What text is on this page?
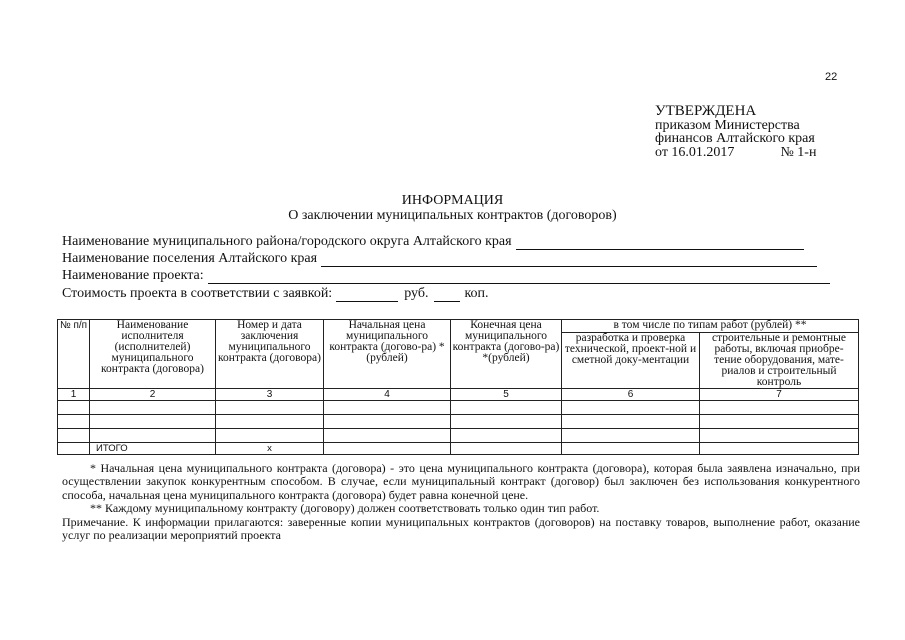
22
УТВЕРЖДЕНА
приказом Министерства
финансов Алтайского края
от 16.01.2017	№ 1-н
ИНФОРМАЦИЯ
О заключении муниципальных контрактов (договоров)
Наименование муниципального района/городского округа Алтайского края
Наименование поселения Алтайского края
Наименование проекта:
Стоимость проекта в соответствии с заявкой:	руб.	коп.
№ п/п	Наименование исполнителя (исполнителей) муниципального контракта (договора)	Номер и дата заключения муниципального контракта (договора)	Начальная цена муниципального контракта (догово-ра) *(рублей)	Конечная цена муниципального контракта (догово-ра) *(рублей)	в том числе по типам работ (рублей) **	
					разработка и проверка технической, проект-ной и сметной доку-ментации	строительные и ремонтные работы, включая приобре-тение оборудования, мате-риалов и строительный контроль
1	2	3	4	5	6	7

	ИТОГО	х				

* Начальная цена муниципального контракта (договора) - это цена муниципального контракта (договора), которая была заявлена изначально, при осуществлении закупок конкурентным способом. В случае, если муниципальный контракт (договор) был заключен без использования конкурентного способа, начальная цена муниципального контракта (договора) будет равна конечной цене.

** Каждому муниципальному контракту (договору) должен соответствовать только один тип работ.

Примечание. К информации прилагаются: заверенные копии муниципальных контрактов (договоров) на поставку товаров, выполнение работ, оказание услуг по реализации мероприятий проекта
